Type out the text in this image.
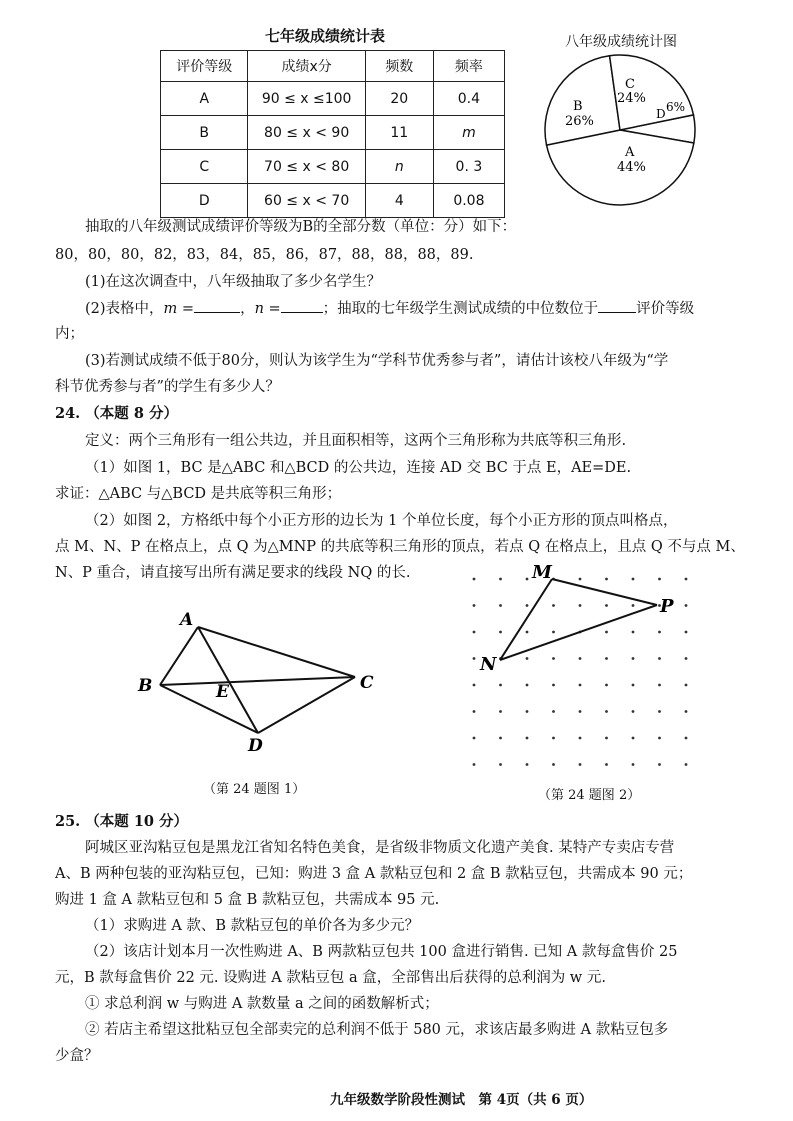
七年级成绩统计表
评价等级	成绩x分	频数	频率
A	90 ≤ x ≤100	20	0.4
B	80 ≤ x < 90	11	m
C	70 ≤ x < 80	n	0. 3
D	60 ≤ x < 70	4	0.08
八年级成绩统计图
B
26%
C
24%
D 6%
A
44%
抽取的八年级测试成绩评价等级为B的全部分数（单位：分）如下：
80，80，80，82，83，84，85，86，87，88，88，88，89.
(1)在这次调查中，八年级抽取了多少名学生？
(2)表格中，m =	，n =	；抽取的七年级学生测试成绩的中位数位于	评价等级
内；
(3)若测试成绩不低于80分，则认为该学生为“学科节优秀参与者”，请估计该校八年级为“学
科节优秀参与者”的学生有多少人？
24. （本题 8 分）
定义：两个三角形有一组公共边，并且面积相等，这两个三角形称为共底等积三角形.
（1）如图 1，BC 是△ABC 和△BCD 的公共边，连接 AD 交 BC 于点 E，AE=DE.
求证：△ABC 与△BCD 是共底等积三角形；
（2）如图 2，方格纸中每个小正方形的边长为 1 个单位长度，每个小正方形的顶点叫格点，
点 M、N、P 在格点上，点 Q 为△MNP 的共底等积三角形的顶点，若点 Q 在格点上，且点 Q 不与点 M、
N、P 重合，请直接写出所有满足要求的线段 NQ 的长.
A
B	C
D
E
（第 24 题图 1）
M
N
P
（第 24 题图 2）
25. （本题 10 分）
阿城区亚沟粘豆包是黑龙江省知名特色美食，是省级非物质文化遗产美食. 某特产专卖店专营
A、B 两种包装的亚沟粘豆包，已知：购进 3 盒 A 款粘豆包和 2 盒 B 款粘豆包，共需成本 90 元；
购进 1 盒 A 款粘豆包和 5 盒 B 款粘豆包，共需成本 95 元.
（1）求购进 A 款、B 款粘豆包的单价各为多少元？
（2）该店计划本月一次性购进 A、B 两款粘豆包共 100 盒进行销售. 已知 A 款每盒售价 25
元，B 款每盒售价 22 元. 设购进 A 款粘豆包 a 盒，全部售出后获得的总利润为 w 元.
① 求总利润 w 与购进 A 款数量 a 之间的函数解析式；
② 若店主希望这批粘豆包全部卖完的总利润不低于 580 元，求该店最多购进 A 款粘豆包多
少盒？
九年级数学阶段性测试　第 4页（共 6 页）
